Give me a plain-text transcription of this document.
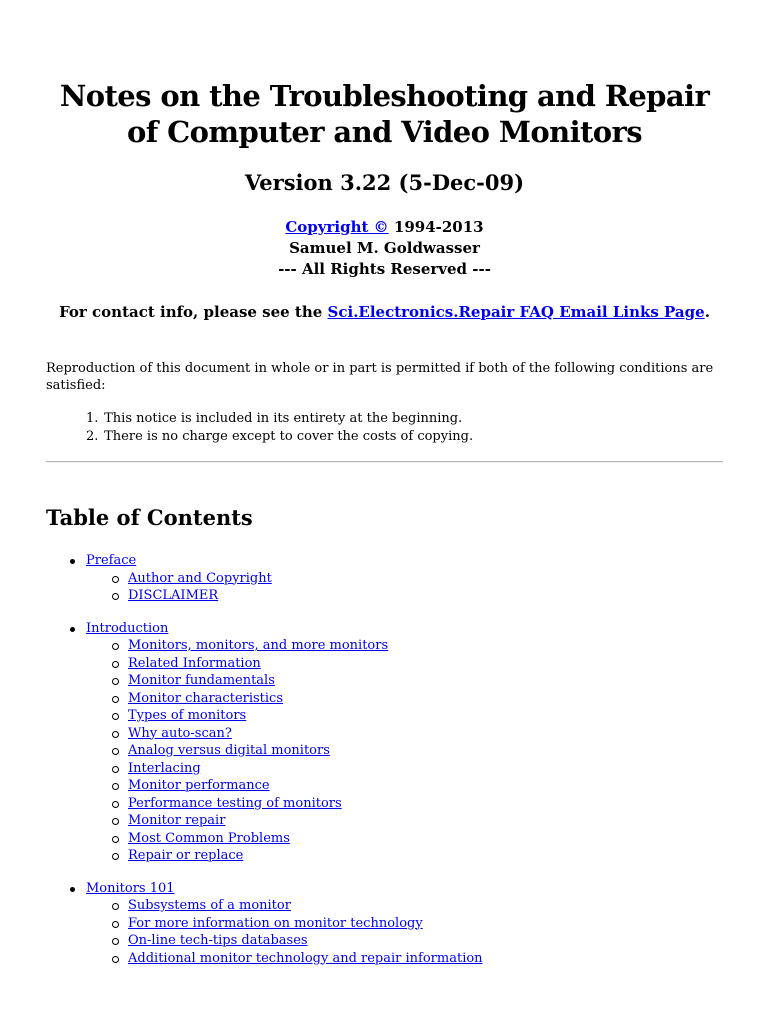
Notes on the Troubleshooting and Repair of Computer and Video Monitors
Version 3.22 (5-Dec-09)
Copyright © 1994-2013
Samuel M. Goldwasser
--- All Rights Reserved ---
For contact info, please see the Sci.Electronics.Repair FAQ Email Links Page.
Reproduction of this document in whole or in part is permitted if both of the following conditions are satisfied:
1. This notice is included in its entirety at the beginning.
2. There is no charge except to cover the costs of copying.
Table of Contents
Preface
Author and Copyright
DISCLAIMER
Introduction
Monitors, monitors, and more monitors
Related Information
Monitor fundamentals
Monitor characteristics
Types of monitors
Why auto-scan?
Analog versus digital monitors
Interlacing
Monitor performance
Performance testing of monitors
Monitor repair
Most Common Problems
Repair or replace
Monitors 101
Subsystems of a monitor
For more information on monitor technology
On-line tech-tips databases
Additional monitor technology and repair information
